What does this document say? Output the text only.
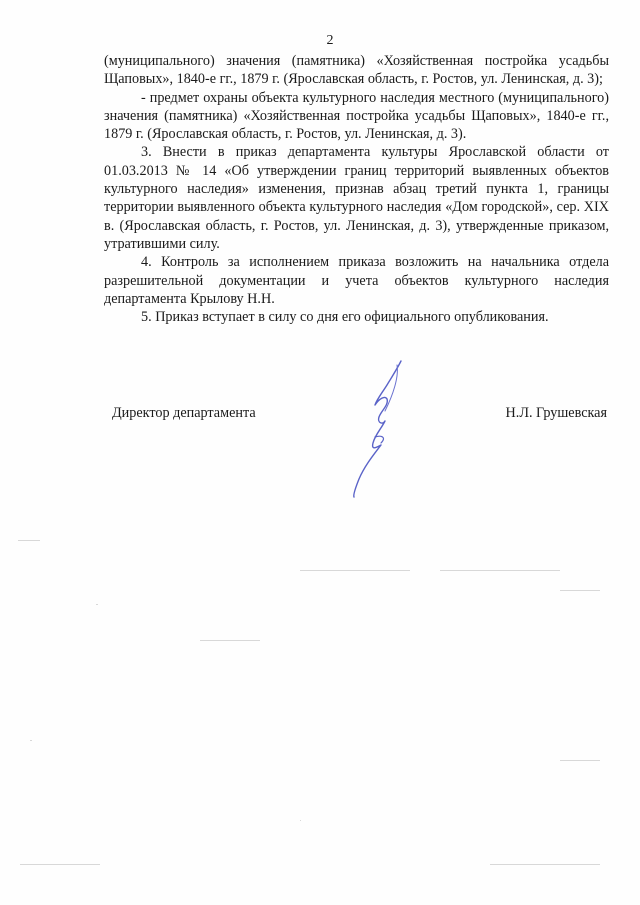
2

(муниципального) значения (памятника) «Хозяйственная постройка усадьбы Щаповых», 1840-е гг., 1879 г. (Ярославская область, г. Ростов, ул. Ленинская, д. 3);

- предмет охраны объекта культурного наследия местного (муниципального) значения (памятника) «Хозяйственная постройка усадьбы Щаповых», 1840-е гг., 1879 г. (Ярославская область, г. Ростов, ул. Ленинская, д. 3).

3. Внести в приказ департамента культуры Ярославской области от 01.03.2013 № 14 «Об утверждении границ территорий выявленных объектов культурного наследия» изменения, признав абзац третий пункта 1, границы территории выявленного объекта культурного наследия «Дом городской», сер. XIX в. (Ярославская область, г. Ростов, ул. Ленинская, д. 3), утвержденные приказом, утратившими силу.

4. Контроль за исполнением приказа возложить на начальника отдела разрешительной документации и учета объектов культурного наследия департамента Крылову Н.Н.

5. Приказ вступает в силу со дня его официального опубликования.

Директор департамента	Н.Л. Грушевская
